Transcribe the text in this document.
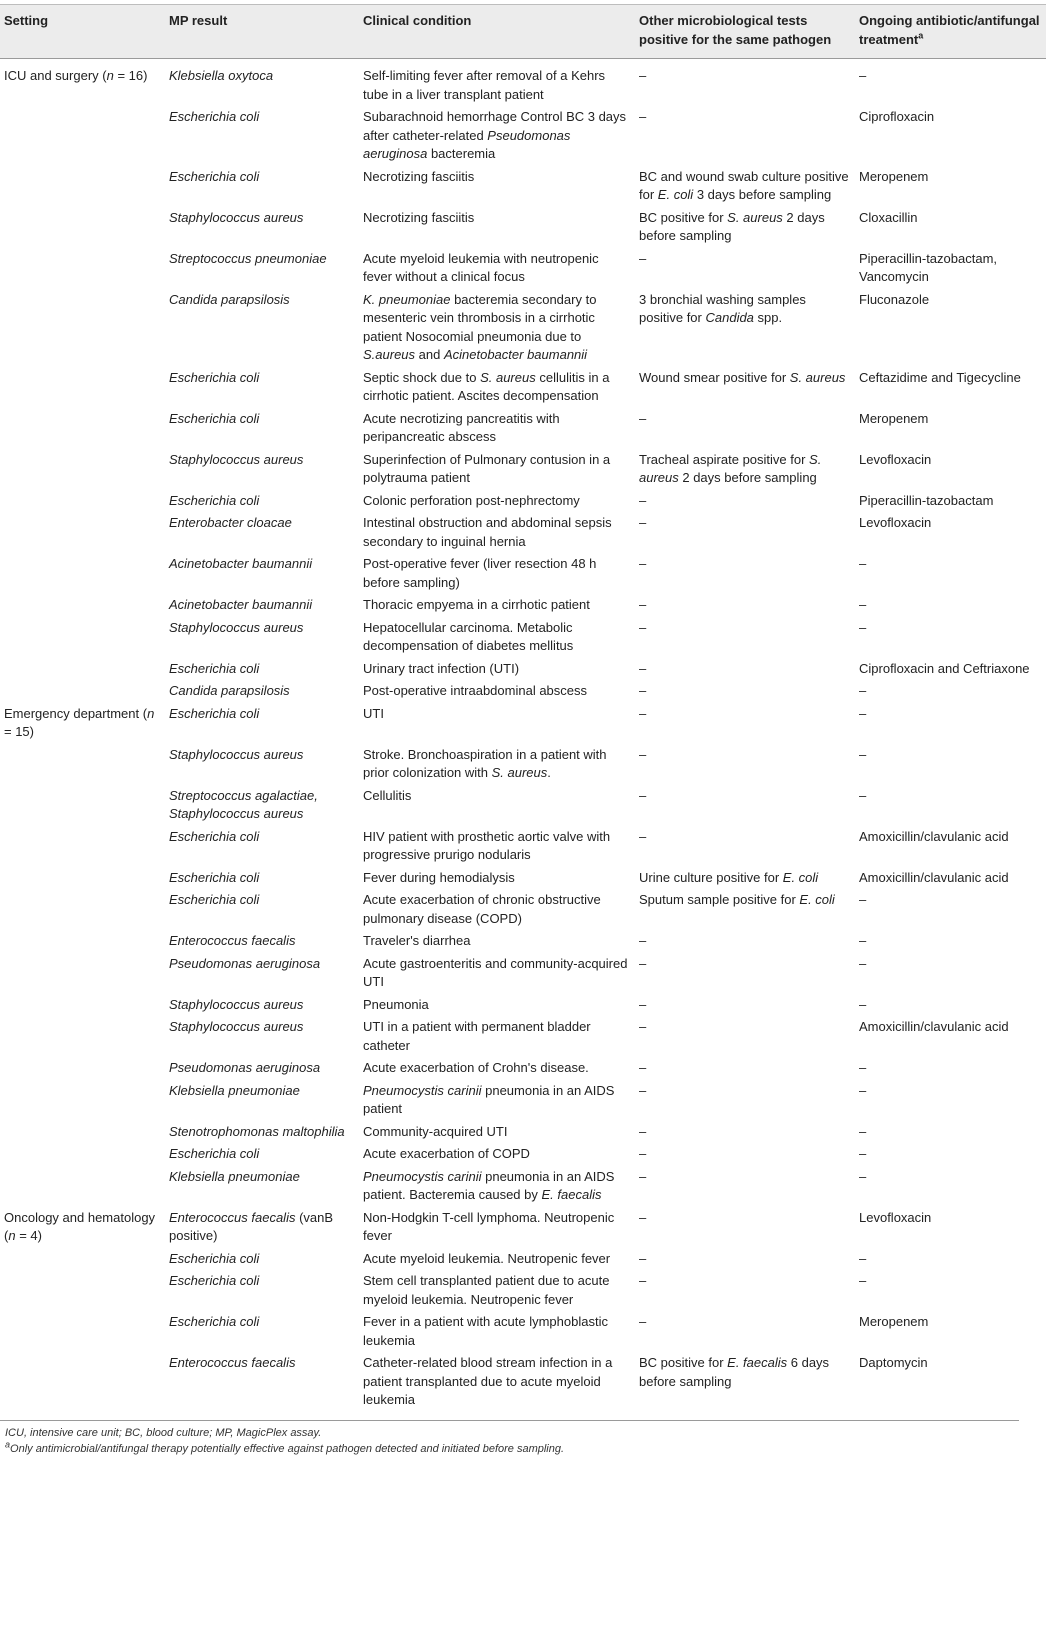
Setting	MP result	Clinical condition	Other microbiological tests positive for the same pathogen	Ongoing antibiotic/antifungal treatment$^a$
ICU and surgery (n = 16)	Klebsiella oxytoca	Self-limiting fever after removal of a Kehrs tube in a liver transplant patient	–	–
	Escherichia coli	Subarachnoid hemorrhage Control BC 3 days after catheter-related Pseudomonas aeruginosa bacteremia	–	Ciprofloxacin
	Escherichia coli	Necrotizing fasciitis	BC and wound swab culture positive for E. coli 3 days before sampling	Meropenem
	Staphylococcus aureus	Necrotizing fasciitis	BC positive for S. aureus 2 days before sampling	Cloxacillin
	Streptococcus pneumoniae	Acute myeloid leukemia with neutropenic fever without a clinical focus	–	Piperacillin-tazobactam, Vancomycin
	Candida parapsilosis	K. pneumoniae bacteremia secondary to mesenteric vein thrombosis in a cirrhotic patient Nosocomial pneumonia due to S.aureus and Acinetobacter baumannii	3 bronchial washing samples positive for Candida spp.	Fluconazole
	Escherichia coli	Septic shock due to S. aureus cellulitis in a cirrhotic patient. Ascites decompensation	Wound smear positive for S. aureus	Ceftazidime and Tigecycline
	Escherichia coli	Acute necrotizing pancreatitis with peripancreatic abscess	–	Meropenem
	Staphylococcus aureus	Superinfection of Pulmonary contusion in a polytrauma patient	Tracheal aspirate positive for S. aureus 2 days before sampling	Levofloxacin
	Escherichia coli	Colonic perforation post-nephrectomy	–	Piperacillin-tazobactam
	Enterobacter cloacae	Intestinal obstruction and abdominal sepsis secondary to inguinal hernia	–	Levofloxacin
	Acinetobacter baumannii	Post-operative fever (liver resection 48 h before sampling)	–	–
	Acinetobacter baumannii	Thoracic empyema in a cirrhotic patient	–	–
	Staphylococcus aureus	Hepatocellular carcinoma. Metabolic decompensation of diabetes mellitus	–	–
	Escherichia coli	Urinary tract infection (UTI)	–	Ciprofloxacin and Ceftriaxone
	Candida parapsilosis	Post-operative intraabdominal abscess	–	–
Emergency department (n = 15)	Escherichia coli	UTI	–	–
	Staphylococcus aureus	Stroke. Bronchoaspiration in a patient with prior colonization with S. aureus.	–	–
	Streptococcus agalactiae, Staphylococcus aureus	Cellulitis	–	–
	Escherichia coli	HIV patient with prosthetic aortic valve with progressive prurigo nodularis	–	Amoxicillin/clavulanic acid
	Escherichia coli	Fever during hemodialysis	Urine culture positive for E. coli	Amoxicillin/clavulanic acid
	Escherichia coli	Acute exacerbation of chronic obstructive pulmonary disease (COPD)	Sputum sample positive for E. coli	–
	Enterococcus faecalis	Traveler's diarrhea	–	–
	Pseudomonas aeruginosa	Acute gastroenteritis and community-acquired UTI	–	–
	Staphylococcus aureus	Pneumonia	–	–
	Staphylococcus aureus	UTI in a patient with permanent bladder catheter	–	Amoxicillin/clavulanic acid
	Pseudomonas aeruginosa	Acute exacerbation of Crohn's disease.	–	–
	Klebsiella pneumoniae	Pneumocystis carinii pneumonia in an AIDS patient	–	–
	Stenotrophomonas maltophilia	Community-acquired UTI	–	–
	Escherichia coli	Acute exacerbation of COPD	–	–
	Klebsiella pneumoniae	Pneumocystis carinii pneumonia in an AIDS patient. Bacteremia caused by E. faecalis	–	–
Oncology and hematology (n = 4)	Enterococcus faecalis (vanB positive)	Non-Hodgkin T-cell lymphoma. Neutropenic fever	–	Levofloxacin
	Escherichia coli	Acute myeloid leukemia. Neutropenic fever	–	–
	Escherichia coli	Stem cell transplanted patient due to acute myeloid leukemia. Neutropenic fever	–	–
	Escherichia coli	Fever in a patient with acute lymphoblastic leukemia	–	Meropenem
	Enterococcus faecalis	Catheter-related blood stream infection in a patient transplanted due to acute myeloid leukemia	BC positive for E. faecalis 6 days before sampling	Daptomycin
ICU, intensive care unit; BC, blood culture; MP, MagicPlex assay.
$^a$Only antimicrobial/antifungal therapy potentially effective against pathogen detected and initiated before sampling.
